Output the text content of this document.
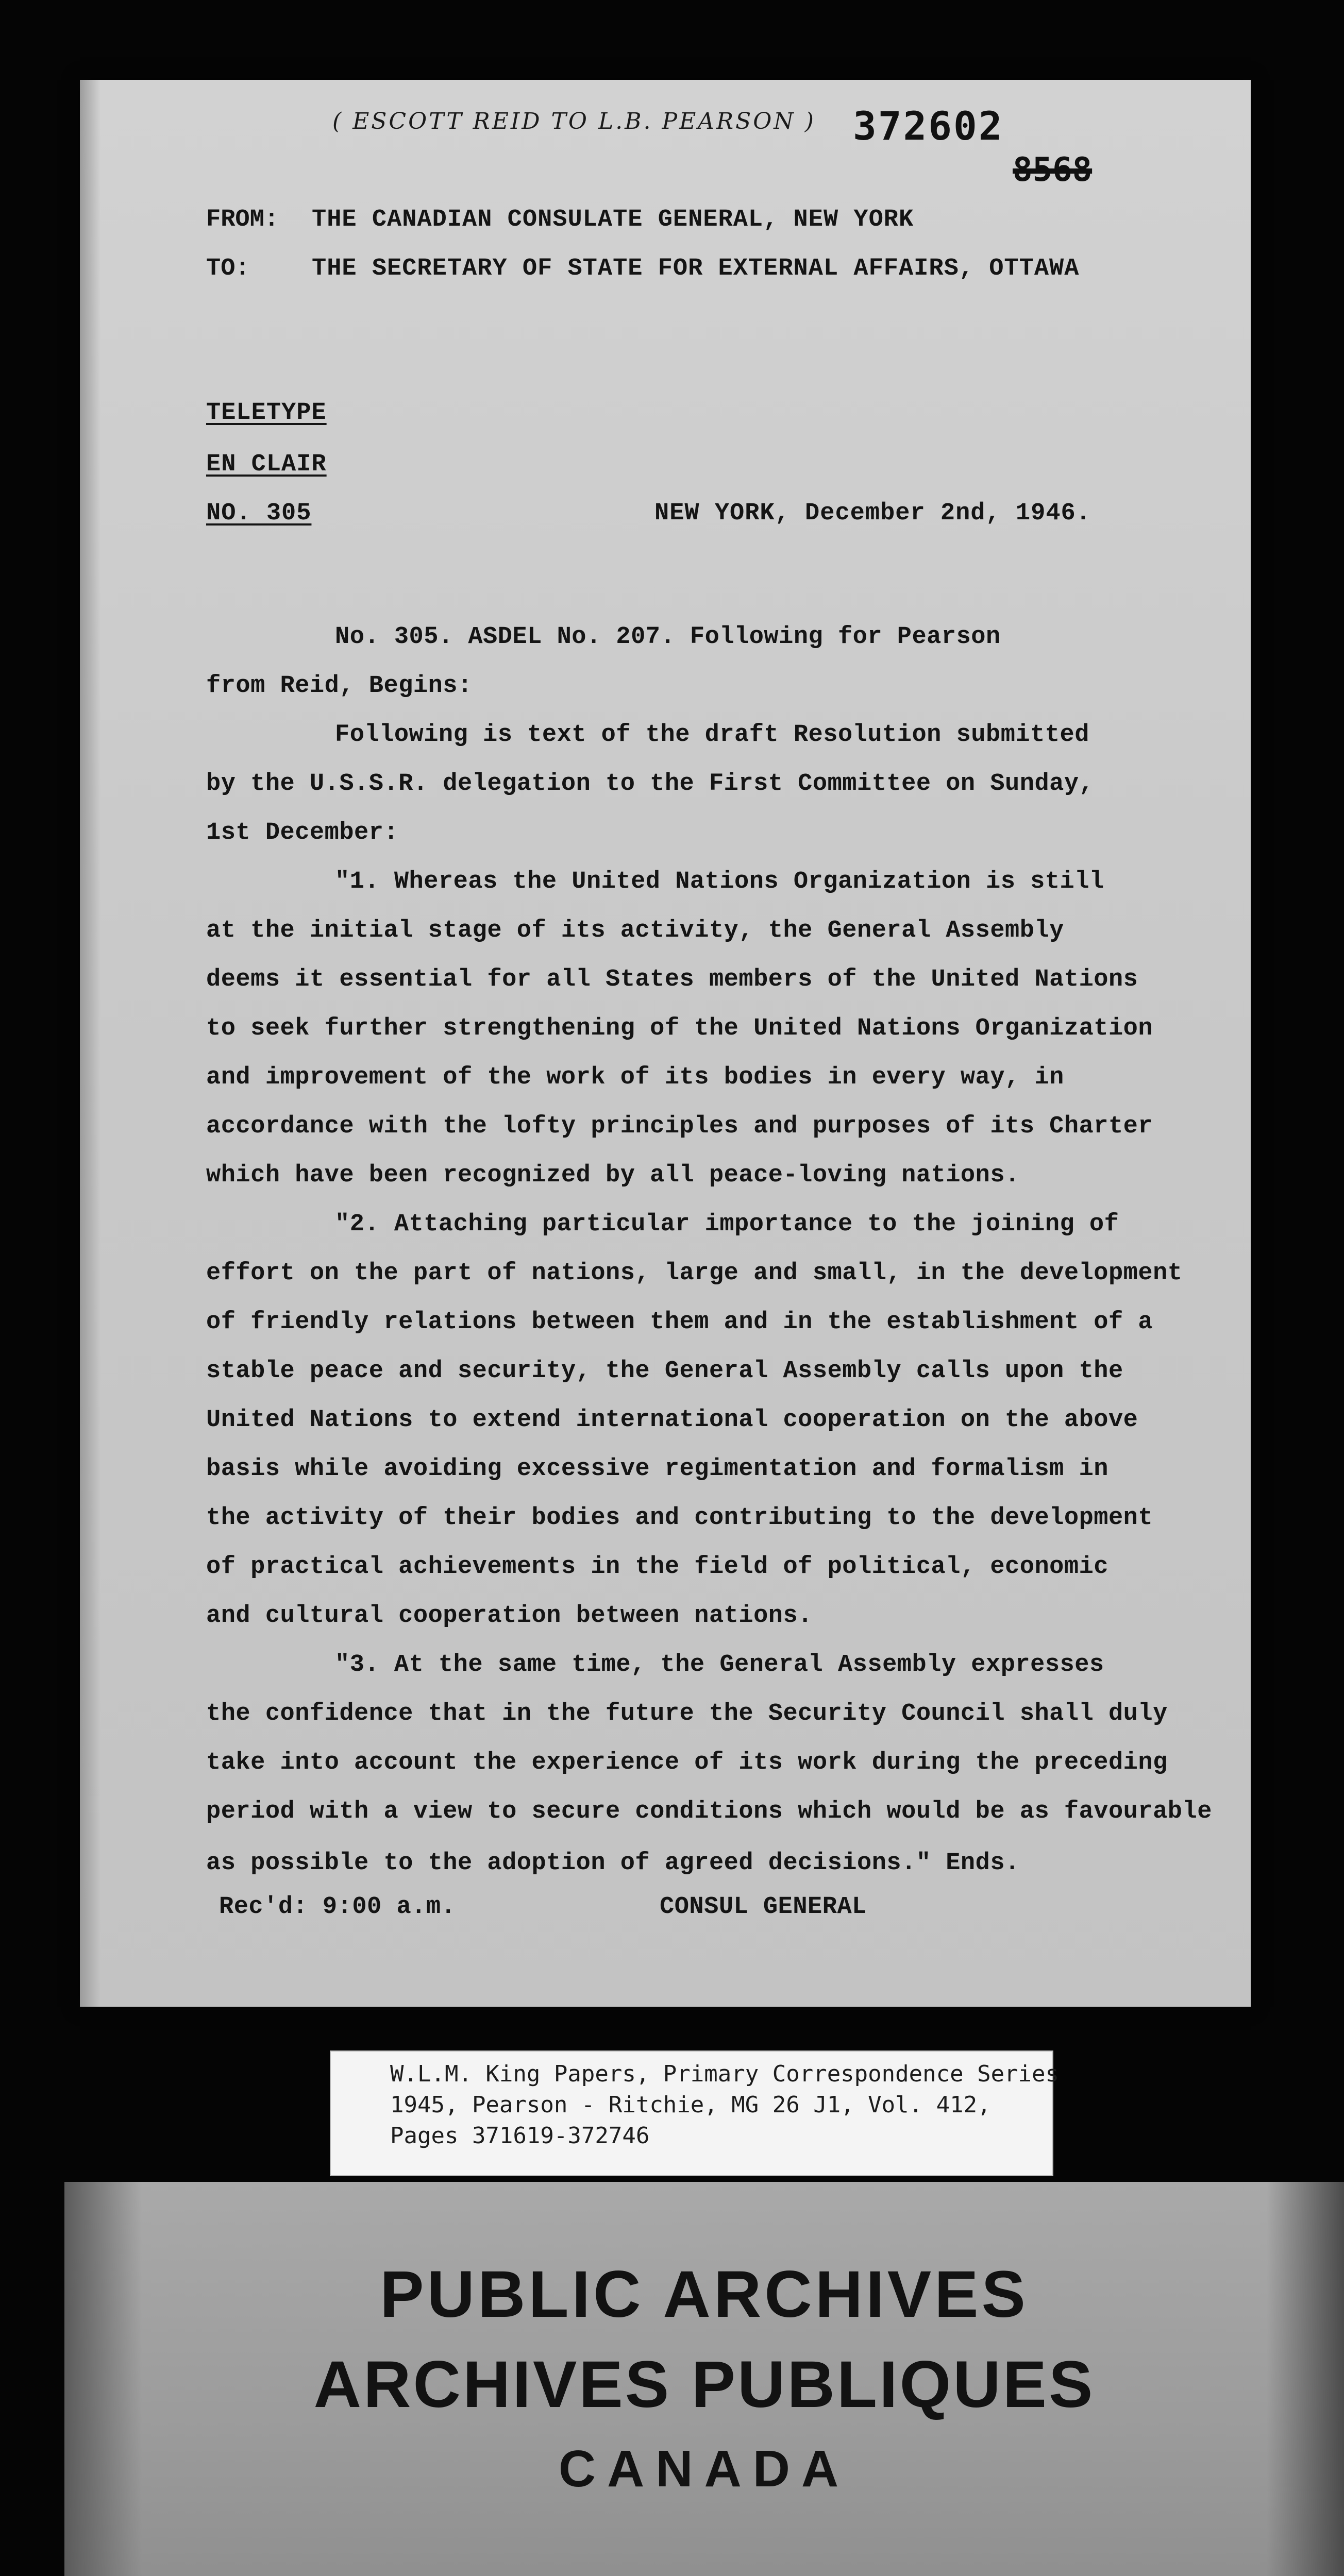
( ESCOTT REID TO L.B. PEARSON ) 372602
8568
FROM: THE CANADIAN CONSULATE GENERAL, NEW YORK
TO:	THE SECRETARY OF STATE FOR EXTERNAL AFFAIRS, OTTAWA
TELETYPE
EN CLAIR
NO. 305	NEW YORK, December 2nd, 1946.
No. 305. ASDEL No. 207. Following for Pearson
from Reid, Begins:
Following is text of the draft Resolution submitted
by the U.S.S.R. delegation to the First Committee on Sunday,
1st December:
"1. Whereas the United Nations Organization is still
at the initial stage of its activity, the General Assembly
deems it essential for all States members of the United Nations
to seek further strengthening of the United Nations Organization
and improvement of the work of its bodies in every way, in
accordance with the lofty principles and purposes of its Charter
which have been recognized by all peace-loving nations.
"2. Attaching particular importance to the joining of
effort on the part of nations, large and small, in the development
of friendly relations between them and in the establishment of a
stable peace and security, the General Assembly calls upon the
United Nations to extend international cooperation on the above
basis while avoiding excessive regimentation and formalism in
the activity of their bodies and contributing to the development
of practical achievements in the field of political, economic
and cultural cooperation between nations.
"3. At the same time, the General Assembly expresses
the confidence that in the future the Security Council shall duly
take into account the experience of its work during the preceding
period with a view to secure conditions which would be as favourable
as possible to the adoption of agreed decisions." Ends.
Rec'd: 9:00 a.m.	CONSUL GENERAL
W.L.M. King Papers, Primary Correspondence Series
1945, Pearson - Ritchie, MG 26 J1, Vol. 412,
Pages 371619-372746
PUBLIC ARCHIVES
ARCHIVES PUBLIQUES
CANADA
